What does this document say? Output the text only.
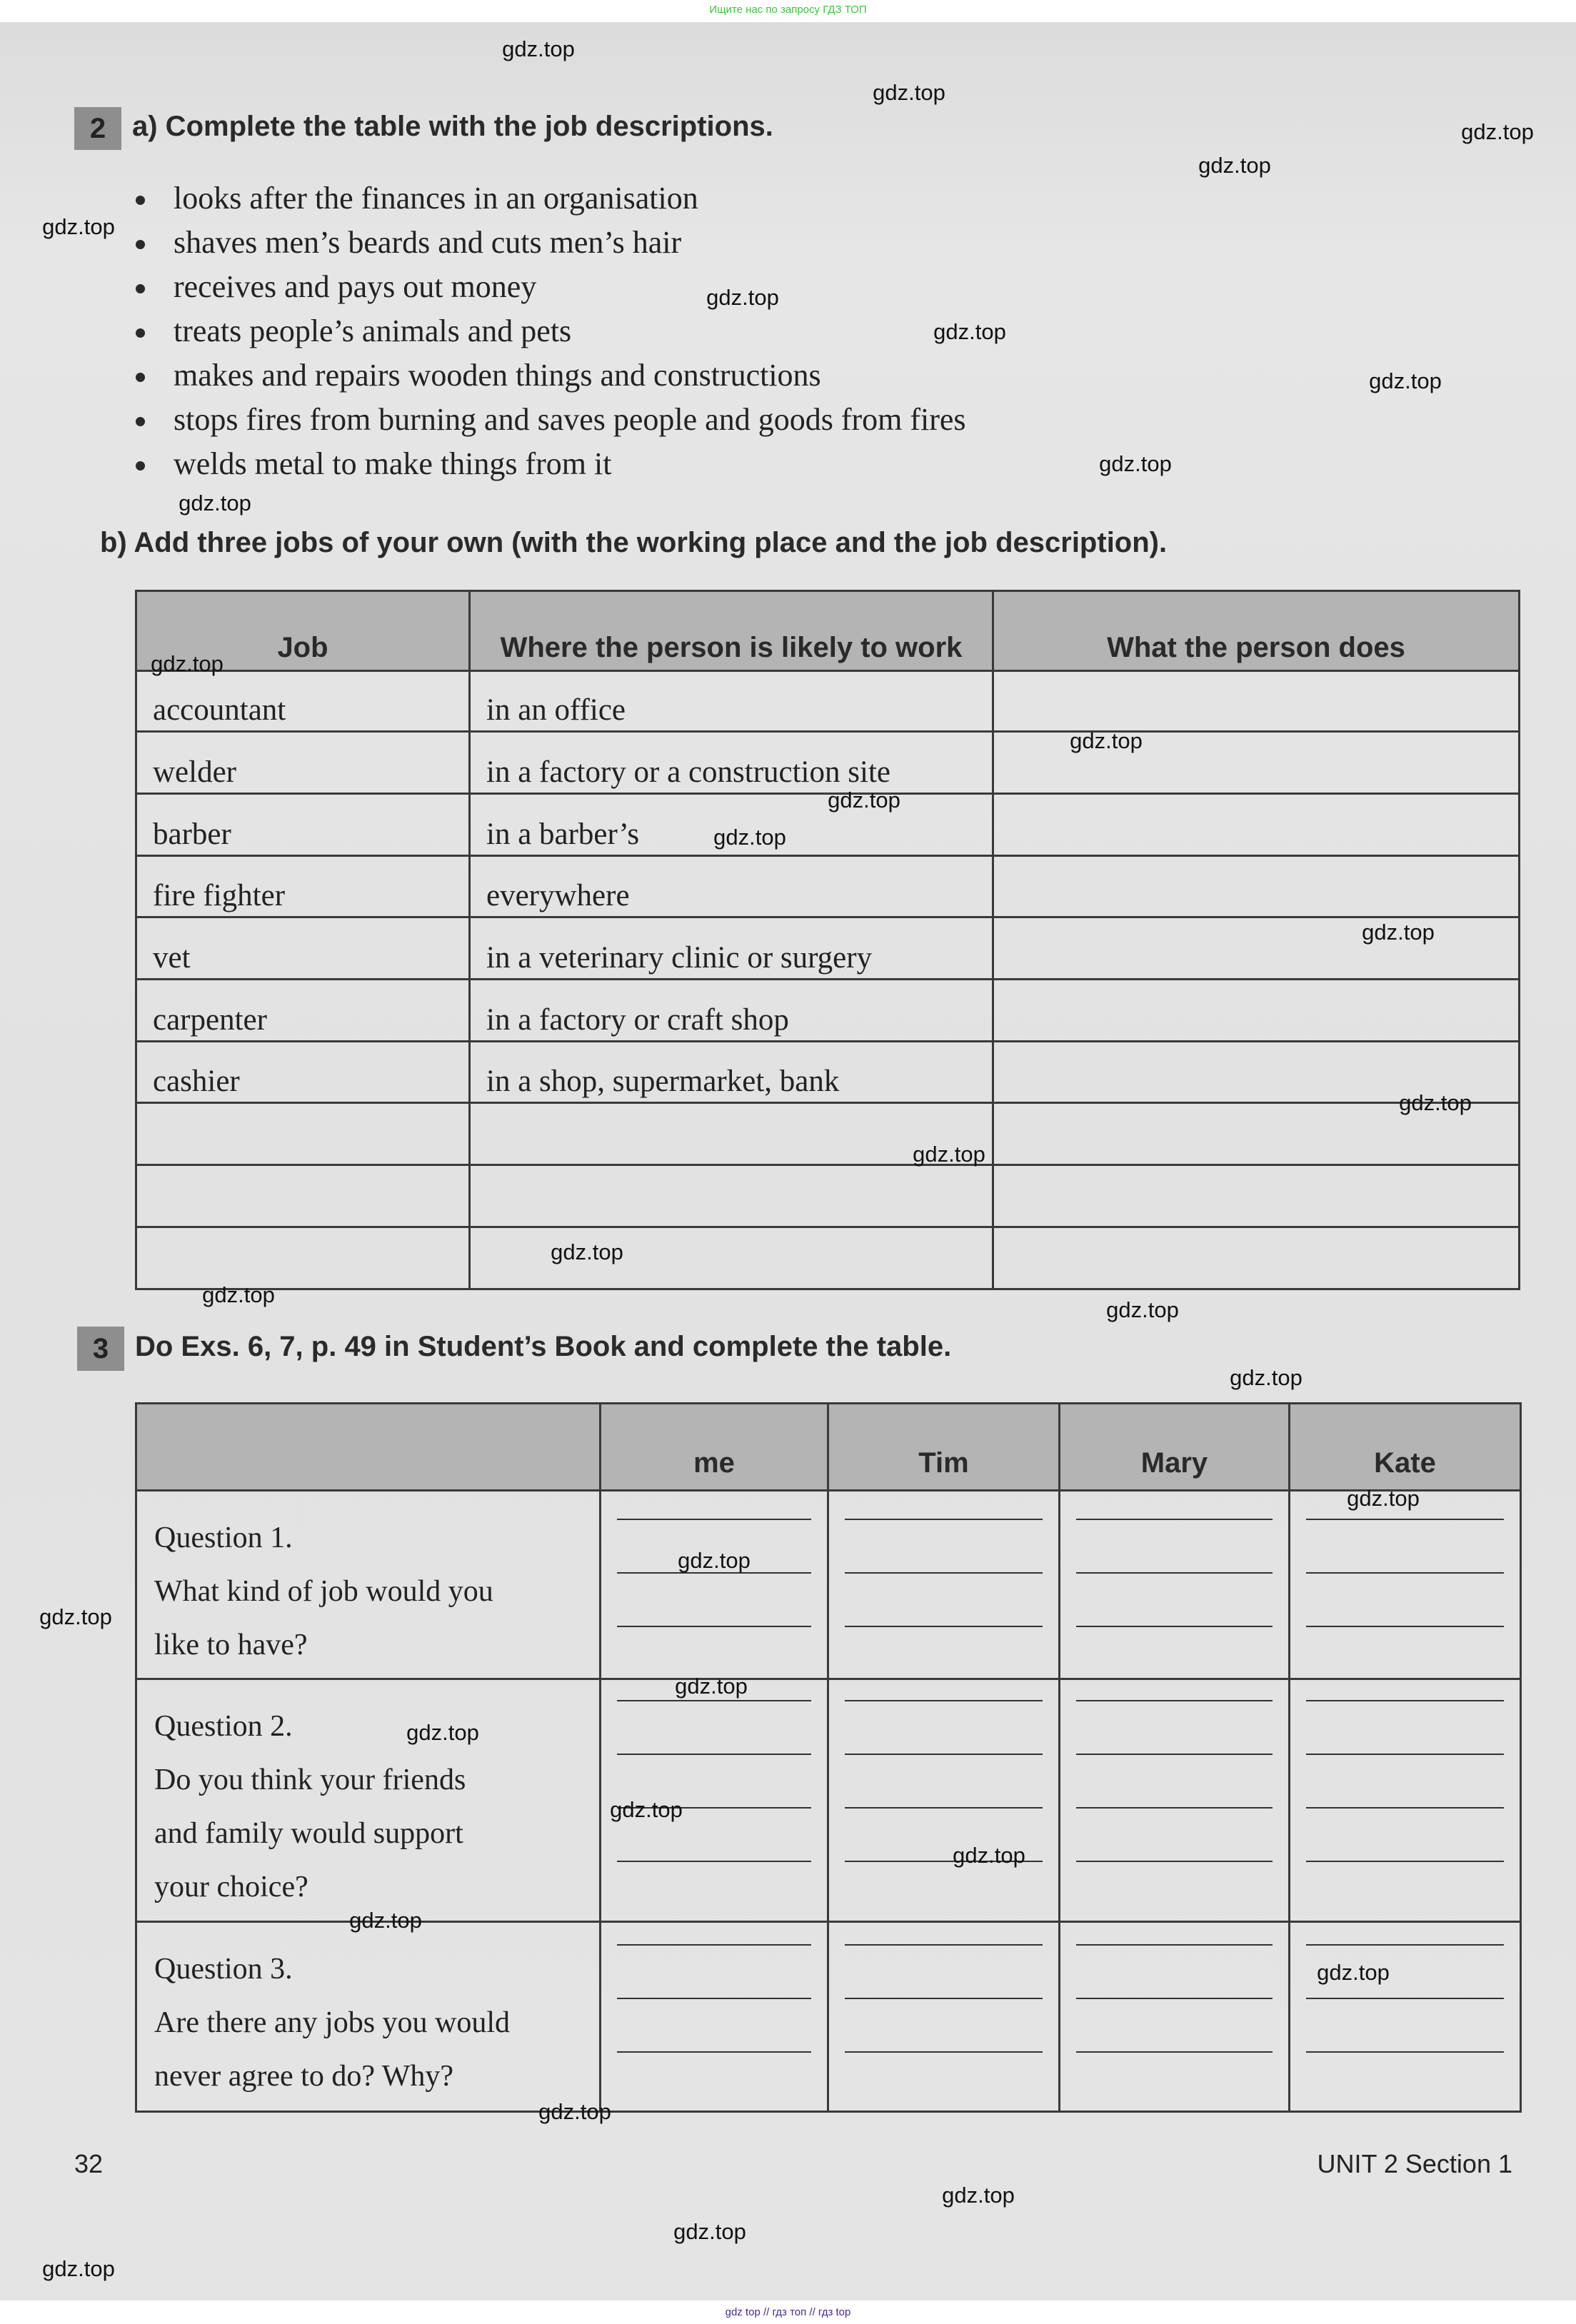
Ищите нас по запросу ГДЗ ТОП
2 a) Complete the table with the job descriptions.
looks after the finances in an organisation
shaves men’s beards and cuts men’s hair
receives and pays out money
treats people’s animals and pets
makes and repairs wooden things and constructions
stops fires from burning and saves people and goods from fires
welds metal to make things from it
b) Add three jobs of your own (with the working place and the job description).
Job	Where the person is likely to work	What the person does
accountant	in an office	
welder	in a factory or a construction site	
barber	in a barber’s	
fire fighter	everywhere	
vet	in a veterinary clinic or surgery	
carpenter	in a factory or craft shop	
cashier	in a shop, supermarket, bank	

3 Do Exs. 6, 7, p. 49 in Student’s Book and complete the table.
	me	Tim	Mary	Kate

Question 1.
What kind of job would you
like to have?				

Question 2.
Do you think your friends
and family would support
your choice?				

Question 3.
Are there any jobs you would
never agree to do? Why?				

32	UNIT 2 Section 1
gdz.top
gdz.top
gdz.top
gdz.top
gdz.top
gdz.top
gdz.top
gdz.top
gdz.top
gdz.top
gdz.top
gdz.top
gdz.top
gdz.top
gdz.top
gdz.top
gdz.top
gdz.top
gdz.top
gdz.top
gdz.top
gdz.top
gdz.top
gdz.top
gdz.top
gdz.top
gdz.top
gdz.top
gdz.top
gdz.top
gdz.top
gdz.top
gdz.top
gdz.top
gdz top // гдз топ // гдз top
